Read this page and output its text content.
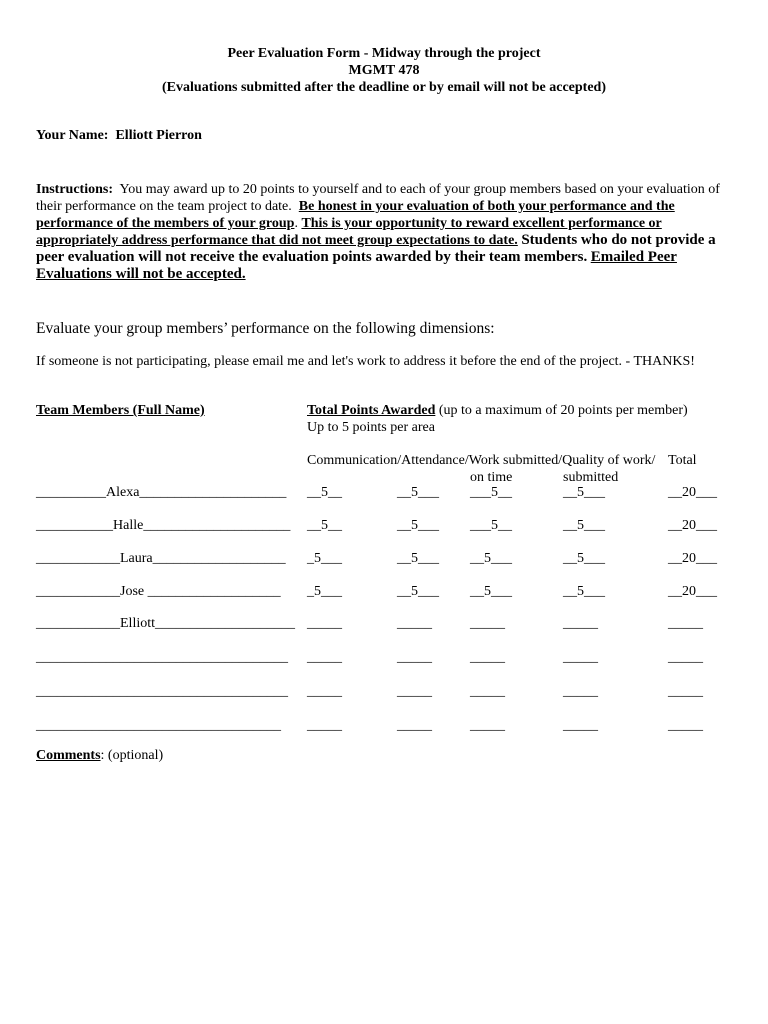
Peer Evaluation Form - Midway through the project
MGMT 478
(Evaluations submitted after the deadline or by email will not be accepted)
Your Name: Elliott Pierron
Instructions: You may award up to 20 points to yourself and to each of your group members based on your evaluation of their performance on the team project to date. Be honest in your evaluation of both your performance and the performance of the members of your group. This is your opportunity to reward excellent performance or appropriately address performance that did not meet group expectations to date. Students who do not provide a peer evaluation will not receive the evaluation points awarded by their team members. Emailed Peer Evaluations will not be accepted.
Evaluate your group members’ performance on the following dimensions:
If someone is not participating, please email me and let's work to address it before the end of the project. - THANKS!
Team Members (Full Name)	Total Points Awarded (up to a maximum of 20 points per member)
Up to 5 points per area
Communication/Attendance/Work submitted/Quality of work/ Total
on time	submitted
__________Alexa_____________________ __5__	__5___ ___5__	__5___	__20___
___________Halle_____________________ __5__	__5___ ___5__	__5___	__20___
____________Laura___________________ _5___	__5___ __5___	__5___	__20___
____________Jose ___________________ _5___	__5___ __5___	__5___	__20___
____________Elliott____________________ _____	_____	_____	_____	_____
____________________________________ _____	_____	_____	_____	_____
____________________________________ _____	_____	_____	_____	_____
___________________________________ _____	_____	_____	_____	_____
Comments: (optional)
